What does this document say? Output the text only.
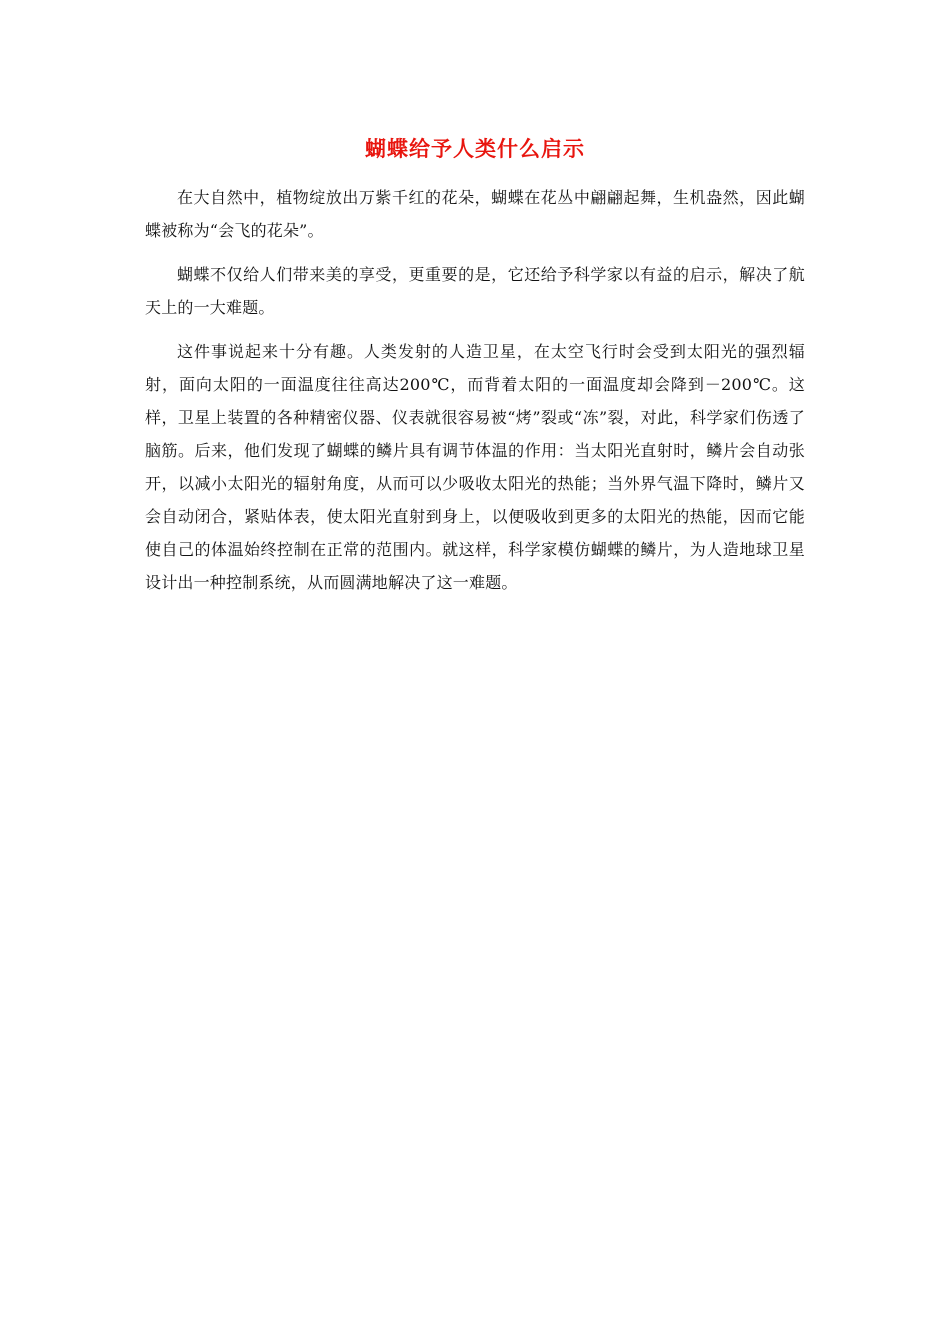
蝴蝶给予人类什么启示

在大自然中，植物绽放出万紫千红的花朵，蝴蝶在花丛中翩翩起舞，生机盎然，因此蝴蝶被称为“会飞的花朵”。

蝴蝶不仅给人们带来美的享受，更重要的是，它还给予科学家以有益的启示，解决了航天上的一大难题。

这件事说起来十分有趣。人类发射的人造卫星，在太空飞行时会受到太阳光的强烈辐射，面向太阳的一面温度往往高达200℃，而背着太阳的一面温度却会降到－200℃。这样，卫星上装置的各种精密仪器、仪表就很容易被“烤”裂或“冻”裂，对此，科学家们伤透了脑筋。后来，他们发现了蝴蝶的鳞片具有调节体温的作用：当太阳光直射时，鳞片会自动张开，以减小太阳光的辐射角度，从而可以少吸收太阳光的热能；当外界气温下降时，鳞片又会自动闭合，紧贴体表，使太阳光直射到身上，以便吸收到更多的太阳光的热能，因而它能使自己的体温始终控制在正常的范围内。就这样，科学家模仿蝴蝶的鳞片，为人造地球卫星设计出一种控制系统，从而圆满地解决了这一难题。
